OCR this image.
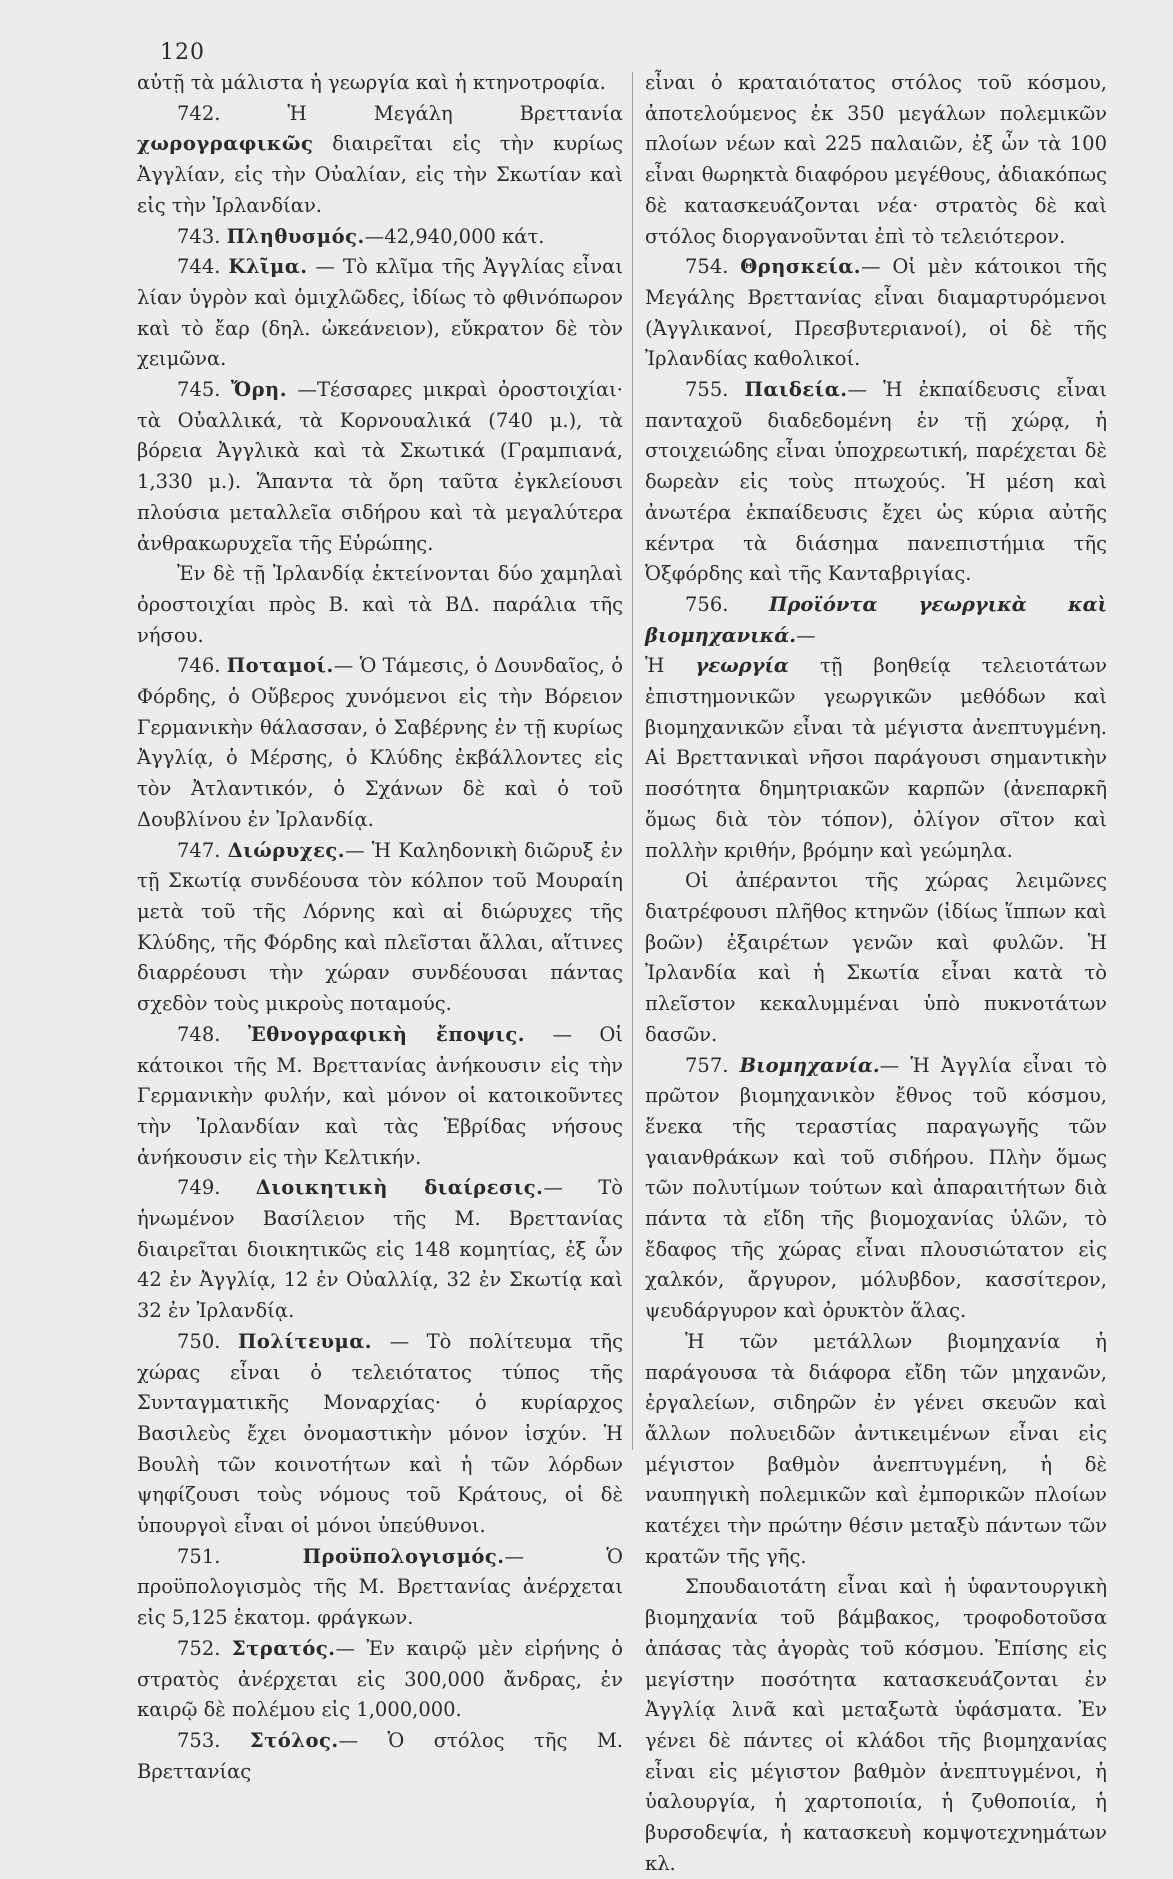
120

αὐτῇ τὰ μάλιστα ἡ γεωργία καὶ ἡ κτηνοτροφία.

742.	Ἡ Μεγάλη Βρεττανία χωρογραφικῶς διαιρεῖται εἰς τὴν κυρίως Ἀγγλίαν, εἰς τὴν Οὐαλίαν, εἰς τὴν Σκωτίαν καὶ εἰς τὴν Ἰρλανδίαν.

743. Πληθυσμός.—42,940,000 κάτ.

744. Κλῖμα. — Τὸ κλῖμα τῆς Ἀγγλίας εἶναι λίαν ὑγρὸν καὶ ὁμιχλῶδες, ἰδίως τὸ φθινόπωρον καὶ τὸ ἔαρ (δηλ. ὠκεάνειον), εὔκρατον δὲ τὸν χειμῶνα.

745. Ὄρη. —Τέσσαρες μικραὶ ὀροστοιχίαι· τὰ Οὐαλλικά, τὰ Κορνουαλικά (740 μ.), τὰ βόρεια Ἀγγλικὰ καὶ τὰ Σκωτικά (Γραμπιανά, 1,330 μ.). Ἅπαντα τὰ ὄρη ταῦτα ἐγκλείουσι πλούσια μεταλλεῖα σιδήρου καὶ τὰ μεγαλύτερα ἀνθρακωρυχεῖα τῆς Εὐρώπης.

Ἐν δὲ τῇ Ἰρλανδίᾳ ἐκτείνονται δύο χαμηλαὶ ὀροστοιχίαι πρὸς Β. καὶ τὰ ΒΔ. παράλια τῆς νήσου.

746. Ποταμοί.— Ὁ Τάμεσις, ὁ Δουνδαῖος, ὁ Φόρδης, ὁ Οὔβερος χυνόμενοι εἰς τὴν Βόρειον Γερμανικὴν θάλασσαν, ὁ Σαβέρνης ἐν τῇ κυρίως Ἀγγλίᾳ, ὁ Μέρσης, ὁ Κλύδης ἐκβάλλοντες εἰς τὸν Ἀτλαντικόν, ὁ Σχάνων δὲ καὶ ὁ τοῦ Δουβλίνου ἐν Ἰρλανδίᾳ.

747. Διώρυχες.— Ἡ Καληδονικὴ διῶρυξ ἐν τῇ Σκωτίᾳ συνδέουσα τὸν κόλπον τοῦ Μουραίη μετὰ τοῦ τῆς Λόρνης καὶ αἱ διώρυχες τῆς Κλύδης, τῆς Φόρδης καὶ πλεῖσται ἄλλαι, αἵτινες διαρρέουσι τὴν χώραν συνδέουσαι πάντας σχεδὸν τοὺς μικροὺς ποταμούς.

748. Ἐθνογραφικὴ ἔποψις. — Οἱ κάτοικοι τῆς Μ. Βρεττανίας ἀνήκουσιν εἰς τὴν Γερμανικὴν φυλήν, καὶ μόνον οἱ κατοικοῦντες τὴν Ἰρλανδίαν καὶ τὰς Ἑβρίδας νήσους ἀνήκουσιν εἰς τὴν Κελτικήν.

749. Διοικητικὴ διαίρεσις.— Τὸ ἡνωμένον Βασίλειον τῆς Μ. Βρεττανίας διαιρεῖται διοικητικῶς εἰς 148 κομητίας, ἐξ ὧν 42 ἐν Ἀγγλίᾳ, 12 ἐν Οὐαλλίᾳ, 32 ἐν Σκωτίᾳ καὶ 32 ἐν Ἰρλανδίᾳ.

750. Πολίτευμα. — Τὸ πολίτευμα τῆς χώρας εἶναι ὁ τελειότατος τύπος τῆς Συνταγματικῆς Μοναρχίας· ὁ κυρίαρχος Βασιλεὺς ἔχει ὀνομαστικὴν μόνον ἰσχύν. Ἡ Βουλὴ τῶν κοινοτήτων καὶ ἡ τῶν λόρδων ψηφίζουσι τοὺς νόμους τοῦ Κράτους, οἱ δὲ ὑπουργοὶ εἶναι οἱ μόνοι ὑπεύθυνοι.

751.	Προϋπολογισμός.— Ὁ προϋπολογισμὸς τῆς Μ. Βρεττανίας ἀνέρχεται εἰς 5,125 ἑκατομ. φράγκων.

752. Στρατός.— Ἐν καιρῷ μὲν εἰρήνης ὁ στρατὸς ἀνέρχεται εἰς 300,000 ἄνδρας, ἐν καιρῷ δὲ πολέμου εἰς 1,000,000.

753. Στόλος.— Ὁ στόλος τῆς Μ. Βρεττανίας

εἶναι ὁ κραταιότατος στόλος τοῦ κόσμου, ἀποτελούμενος ἐκ 350 μεγάλων πολεμικῶν πλοίων νέων καὶ 225 παλαιῶν, ἐξ ὧν τὰ 100 εἶναι θωρηκτὰ διαφόρου μεγέθους, ἀδιακόπως δὲ κατασκευάζονται νέα· στρατὸς δὲ καὶ στόλος διοργανοῦνται ἐπὶ τὸ τελειότερον.

754. Θρησκεία.— Οἱ μὲν κάτοικοι τῆς Μεγάλης Βρεττανίας εἶναι διαμαρτυρόμενοι (Ἀγγλικανοί, Πρεσβυτεριανοί), οἱ δὲ τῆς Ἰρλανδίας καθολικοί.

755. Παιδεία.— Ἡ ἐκπαίδευσις εἶναι πανταχοῦ διαδεδομένη ἐν τῇ χώρᾳ, ἡ στοιχειώδης εἶναι ὑποχρεωτική, παρέχεται δὲ δωρεὰν εἰς τοὺς πτωχούς. Ἡ μέση καὶ ἀνωτέρα ἐκπαίδευσις ἔχει ὡς κύρια αὐτῆς κέντρα τὰ διάσημα πανεπιστήμια τῆς Ὀξφόρδης καὶ τῆς Κανταβριγίας.

756. Προϊόντα γεωργικὰ καὶ βιομηχανικά.—

Ἡ γεωργία τῇ βοηθείᾳ τελειοτάτων ἐπιστημονικῶν γεωργικῶν μεθόδων καὶ βιομηχανικῶν εἶναι τὰ μέγιστα ἀνεπτυγμένη. Αἱ Βρεττανικαὶ νῆσοι παράγουσι σημαντικὴν ποσότητα δημητριακῶν καρπῶν (ἀνεπαρκῆ ὅμως διὰ τὸν τόπον), ὀλίγον σῖτον καὶ πολλὴν κριθήν, βρόμην καὶ γεώμηλα.

Οἱ ἀπέραντοι τῆς χώρας λειμῶνες διατρέφουσι πλῆθος κτηνῶν (ἰδίως ἵππων καὶ βοῶν) ἐξαιρέτων γενῶν καὶ φυλῶν. Ἡ Ἰρλανδία καὶ ἡ Σκωτία εἶναι κατὰ τὸ πλεῖστον κεκαλυμμέναι ὑπὸ πυκνοτάτων δασῶν.

757. Βιομηχανία.— Ἡ Ἀγγλία εἶναι τὸ πρῶτον βιομηχανικὸν ἔθνος τοῦ κόσμου, ἕνεκα τῆς τεραστίας παραγωγῆς τῶν γαιανθράκων καὶ τοῦ σιδήρου. Πλὴν ὅμως τῶν πολυτίμων τούτων καὶ ἀπαραιτήτων διὰ πάντα τὰ εἴδη τῆς βιομοχανίας ὑλῶν, τὸ ἔδαφος τῆς χώρας εἶναι πλουσιώτατον εἰς χαλκόν, ἄργυρον, μόλυβδον, κασσίτερον, ψευδάργυρον καὶ ὀρυκτὸν ἅλας.

Ἡ τῶν μετάλλων βιομηχανία ἡ παράγουσα τὰ διάφορα εἴδη τῶν μηχανῶν, ἐργαλείων, σιδηρῶν ἐν γένει σκευῶν καὶ ἄλλων πολυειδῶν ἀντικειμένων εἶναι εἰς μέγιστον βαθμὸν ἀνεπτυγμένη, ἡ δὲ ναυπηγικὴ πολεμικῶν καὶ ἐμπορικῶν πλοίων κατέχει τὴν πρώτην θέσιν μεταξὺ πάντων τῶν κρατῶν τῆς γῆς.

Σπουδαιοτάτη εἶναι καὶ ἡ ὑφαντουργικὴ βιομηχανία τοῦ βάμβακος, τροφοδοτοῦσα ἁπάσας τὰς ἀγορὰς τοῦ κόσμου. Ἐπίσης εἰς μεγίστην ποσότητα κατασκευάζονται ἐν Ἀγγλίᾳ λινᾶ καὶ μεταξωτὰ ὑφάσματα. Ἐν γένει δὲ πάντες οἱ κλάδοι τῆς βιομηχανίας εἶναι εἰς μέγιστον βαθμὸν ἀνεπτυγμένοι, ἡ ὑαλουργία, ἡ χαρτοποιία, ἡ ζυθοποιία, ἡ βυρσοδεψία, ἡ κατασκευὴ κομψοτεχνημάτων κλ.
